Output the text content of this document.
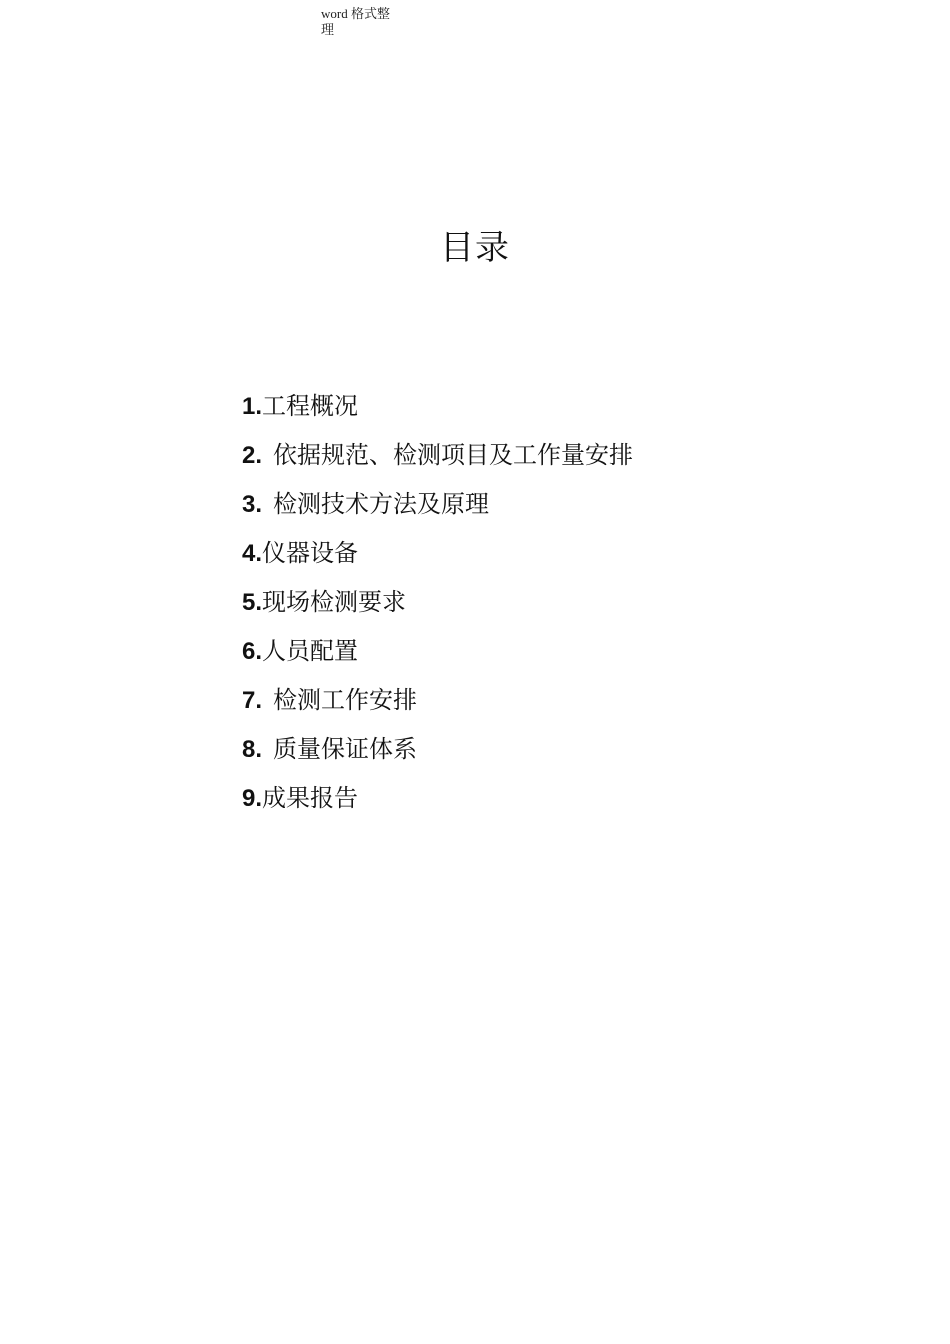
word 格式整
理
目录
1.工程概况
2. 依据规范、检测项目及工作量安排
3. 检测技术方法及原理
4.仪器设备
5.现场检测要求
6.人员配置
7. 检测工作安排
8. 质量保证体系
9.成果报告
